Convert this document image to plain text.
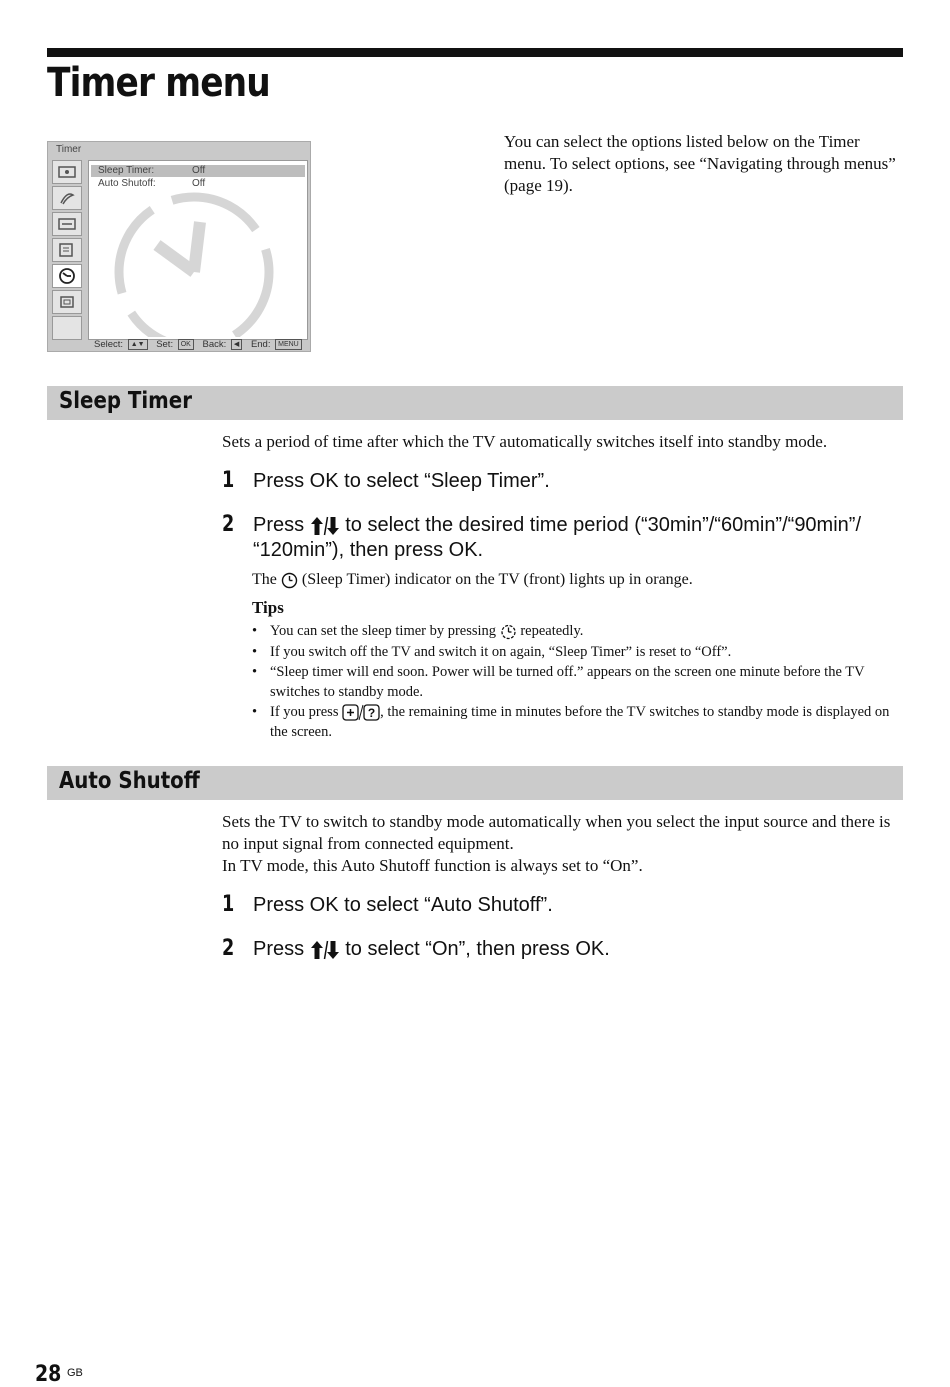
Timer menu
Timer
Sleep Timer:	Off
Auto Shutoff:	Off
Select: ▲▼ Set: OK Back: ◀ End: MENU
You can select the options listed below on the Timer menu. To select options, see “Navigating through menus” (page 19).
Sleep Timer
Sets a period of time after which the TV automatically switches itself into standby mode.
1 Press OK to select “Sleep Timer”.
2 Press to select the desired time period (“30min”/“60min”/“90min”/ “120min”), then press OK.
The (Sleep Timer) indicator on the TV (front) lights up in orange.
Tips
• You can set the sleep timer by pressing repeatedly.
• If you switch off the TV and switch it on again, “Sleep Timer” is reset to “Off”.
• “Sleep timer will end soon. Power will be turned off.” appears on the screen one minute before the TV switches to standby mode.
• If you press ? , the remaining time in minutes before the TV switches to standby mode is displayed on the screen.
Auto Shutoff
Sets the TV to switch to standby mode automatically when you select the input source and there is no input signal from connected equipment.
In TV mode, this Auto Shutoff function is always set to “On”.
1 Press OK to select “Auto Shutoff”.
2 Press to select “On”, then press OK.
28 GB
